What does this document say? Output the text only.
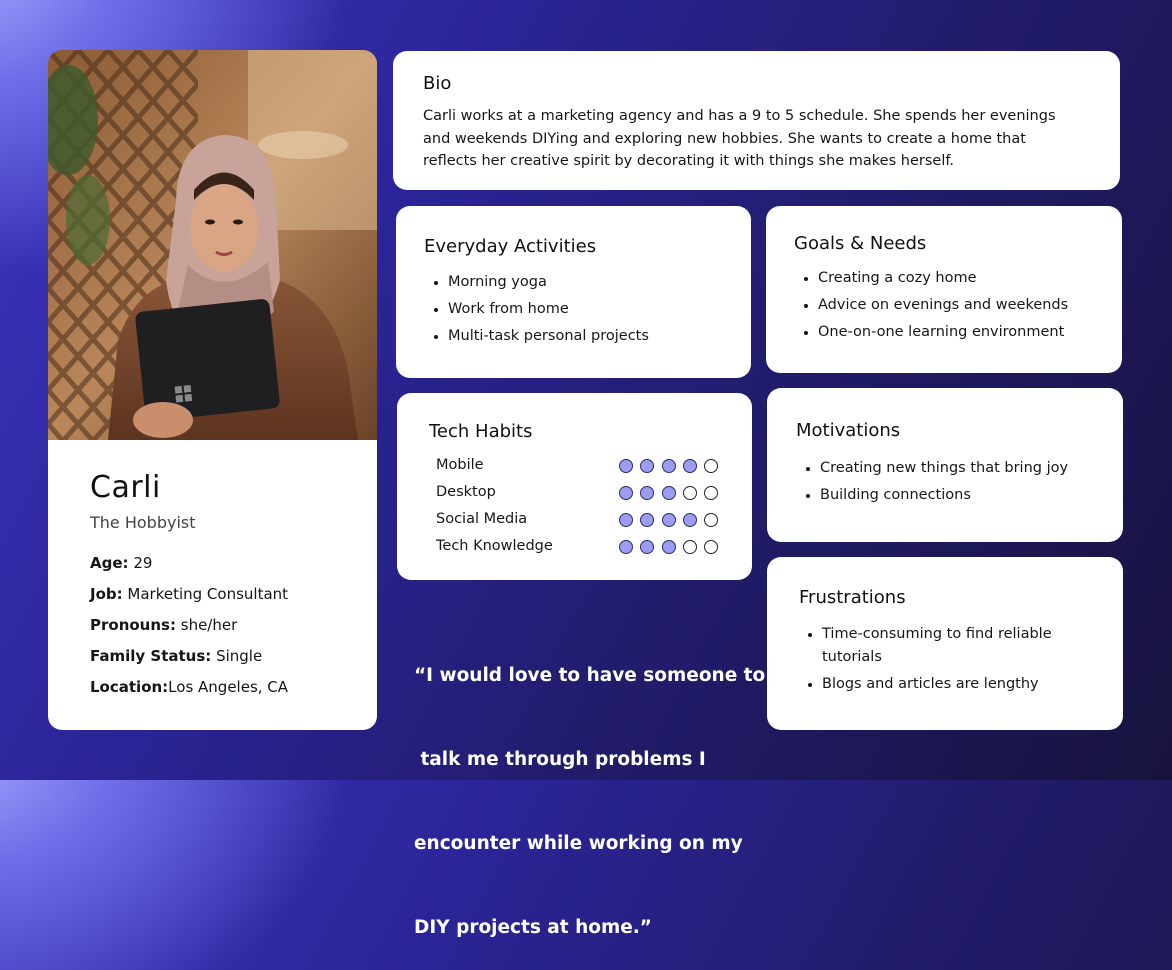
Carli
The Hobbyist
Age: 29
Job: Marketing Consultant
Pronouns: she/her
Family Status: Single
Location:Los Angeles, CA
Bio
Carli works at a marketing agency and has a 9 to 5 schedule. She spends her evenings
and weekends DIYing and exploring new hobbies. She wants to create a home that
reflects her creative spirit by decorating it with things she makes herself.
Everyday Activities
Morning yoga
Work from home
Multi-task personal projects
Goals & Needs
Creating a cozy home
Advice on evenings and weekends
One-on-one learning environment
Tech Habits
Mobile
Desktop
Social Media
Tech Knowledge
Motivations
Creating new things that bring joy
Building connections
Frustrations
Time-consuming to find reliable
tutorials
Blogs and articles are lengthy

“I would love to have someone to

talk me through problems I

encounter while working on my

DIY projects at home.”
